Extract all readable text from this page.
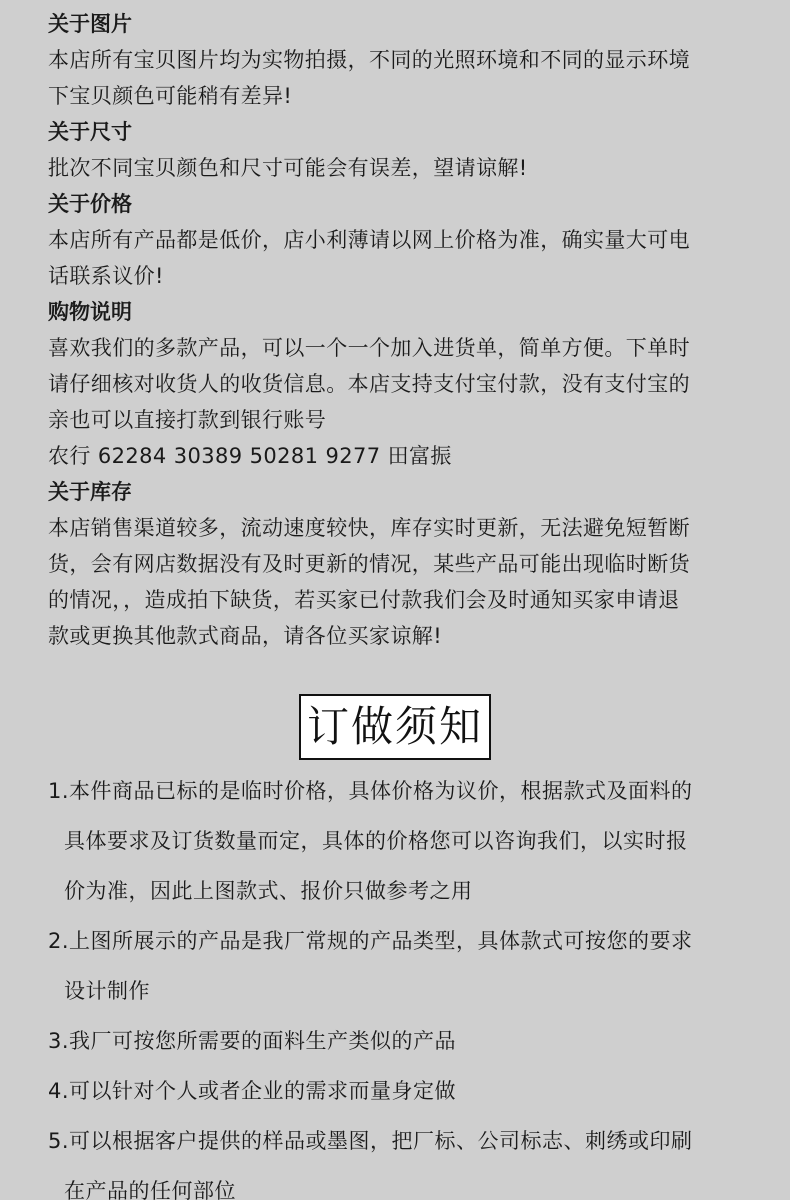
关于图片
本店所有宝贝图片均为实物拍摄，不同的光照环境和不同的显示环境
下宝贝颜色可能稍有差异!
关于尺寸
批次不同宝贝颜色和尺寸可能会有误差，望请谅解!
关于价格
本店所有产品都是低价，店小利薄请以网上价格为准，确实量大可电
话联系议价!
购物说明
喜欢我们的多款产品，可以一个一个加入进货单，简单方便。下单时
请仔细核对收货人的收货信息。本店支持支付宝付款，没有支付宝的
亲也可以直接打款到银行账号
农行 62284 30389 50281 9277 田富振
关于库存
本店销售渠道较多，流动速度较快，库存实时更新，无法避免短暂断
货，会有网店数据没有及时更新的情况，某些产品可能出现临时断货
的情况，，造成拍下缺货，若买家已付款我们会及时通知买家申请退
款或更换其他款式商品，请各位买家谅解!
订做须知
1.本件商品已标的是临时价格，具体价格为议价，根据款式及面料的
具体要求及订货数量而定，具体的价格您可以咨询我们，以实时报
价为准，因此上图款式、报价只做参考之用
2.上图所展示的产品是我厂常规的产品类型，具体款式可按您的要求
设计制作
3.我厂可按您所需要的面料生产类似的产品
4.可以针对个人或者企业的需求而量身定做
5.可以根据客户提供的样品或墨图，把厂标、公司标志、刺绣或印刷
在产品的任何部位
